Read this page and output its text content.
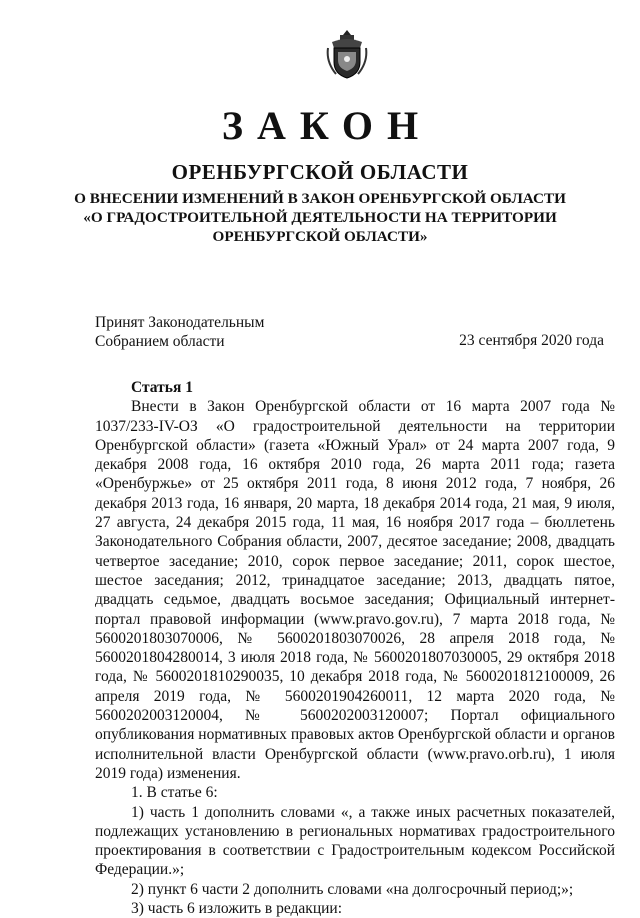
ЗАКОН
ОРЕНБУРГСКОЙ ОБЛАСТИ
О ВНЕСЕНИИ ИЗМЕНЕНИЙ В ЗАКОН ОРЕНБУРГСКОЙ ОБЛАСТИ
«О ГРАДОСТРОИТЕЛЬНОЙ ДЕЯТЕЛЬНОСТИ НА ТЕРРИТОРИИ
ОРЕНБУРГСКОЙ ОБЛАСТИ»
Принят Законодательным
Собранием области	23 сентября 2020 года

Статья 1

Внести в Закон Оренбургской области от 16 марта 2007 года № 1037/233-IV-ОЗ «О градостроительной деятельности на территории Оренбургской области» (газета «Южный Урал» от 24 марта 2007 года, 9 декабря 2008 года, 16 октября 2010 года, 26 марта 2011 года; газета «Оренбуржье» от 25 октября 2011 года, 8 июня 2012 года, 7 ноября, 26 декабря 2013 года, 16 января, 20 марта, 18 декабря 2014 года, 21 мая, 9 июля, 27 августа, 24 декабря 2015 года, 11 мая, 16 ноября 2017 года – бюллетень Законодательного Собрания области, 2007, десятое заседание; 2008, двадцать четвертое заседание; 2010, сорок первое заседание; 2011, сорок шестое, шестое заседания; 2012, тринадцатое заседание; 2013, двадцать пятое, двадцать седьмое, двадцать восьмое заседания; Официальный интернет-портал правовой информации (www.pravo.gov.ru), 7 марта 2018 года, № 5600201803070006, № 5600201803070026, 28 апреля 2018 года, № 5600201804280014, 3 июля 2018 года, № 5600201807030005, 29 октября 2018 года, № 5600201810290035, 10 декабря 2018 года, № 5600201812100009, 26 апреля 2019 года, № 5600201904260011, 12 марта 2020 года, № 5600202003120004, № 5600202003120007; Портал официального опубликования нормативных правовых актов Оренбургской области и органов исполнительной власти Оренбургской области (www.pravo.orb.ru), 1 июля 2019 года) изменения.

1. В статье 6:

1) часть 1 дополнить словами «, а также иных расчетных показателей, подлежащих установлению в региональных нормативах градостроительного проектирования в соответствии с Градостроительным кодексом Российской Федерации.»;

2) пункт 6 части 2 дополнить словами «на долгосрочный период;»;

3) часть 6 изложить в редакции:
